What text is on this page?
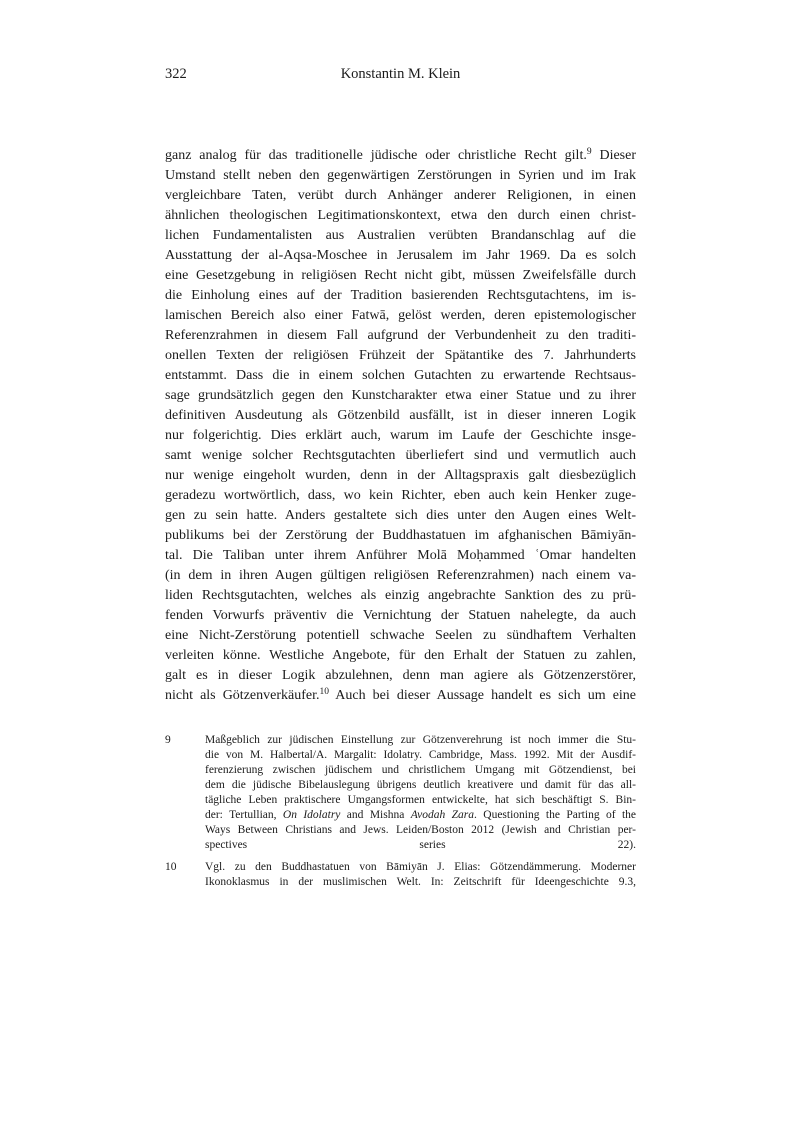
322	Konstantin M. Klein
ganz analog für das traditionelle jüdische oder christliche Recht gilt.$^9$ Dieser
Umstand stellt neben den gegenwärtigen Zerstörungen in Syrien und im Irak
vergleichbare Taten, verübt durch Anhänger anderer Religionen, in einen
ähnlichen theologischen Legitimationskontext, etwa den durch einen christ-
lichen Fundamentalisten aus Australien verübten Brandanschlag auf die
Ausstattung der al-Aqsa-Moschee in Jerusalem im Jahr 1969. Da es solch
eine Gesetzgebung in religiösen Recht nicht gibt, müssen Zweifelsfälle durch
die Einholung eines auf der Tradition basierenden Rechtsgutachtens, im is-
lamischen Bereich also einer Fatwā, gelöst werden, deren epistemologischer
Referenzrahmen in diesem Fall aufgrund der Verbundenheit zu den traditi-
onellen Texten der religiösen Frühzeit der Spätantike des 7. Jahrhunderts
entstammt. Dass die in einem solchen Gutachten zu erwartende Rechtsaus-
sage grundsätzlich gegen den Kunstcharakter etwa einer Statue und zu ihrer
definitiven Ausdeutung als Götzenbild ausfällt, ist in dieser inneren Logik
nur folgerichtig. Dies erklärt auch, warum im Laufe der Geschichte insge-
samt wenige solcher Rechtsgutachten überliefert sind und vermutlich auch
nur wenige eingeholt wurden, denn in der Alltagspraxis galt diesbezüglich
geradezu wortwörtlich, dass, wo kein Richter, eben auch kein Henker zuge-
gen zu sein hatte. Anders gestaltete sich dies unter den Augen eines Welt-
publikums bei der Zerstörung der Buddhastatuen im afghanischen Bāmiyān-
tal. Die Taliban unter ihrem Anführer Molā Moḥammed ʿOmar handelten
(in dem in ihren Augen gültigen religiösen Referenzrahmen) nach einem va-
liden Rechtsgutachten, welches als einzig angebrachte Sanktion des zu prü-
fenden Vorwurfs präventiv die Vernichtung der Statuen nahelegte, da auch
eine Nicht-Zerstörung potentiell schwache Seelen zu sündhaftem Verhalten
verleiten könne. Westliche Angebote, für den Erhalt der Statuen zu zahlen,
galt es in dieser Logik abzulehnen, denn man agiere als Götzenzerstörer,
nicht als Götzenverkäufer.$^{10}$ Auch bei dieser Aussage handelt es sich um eine
9	Maßgeblich zur jüdischen Einstellung zur Götzenverehrung ist noch immer die Stu-
die von M. Halbertal/A. Margalit: Idolatry. Cambridge, Mass. 1992. Mit der Ausdif-
ferenzierung zwischen jüdischem und christlichem Umgang mit Götzendienst, bei
dem die jüdische Bibelauslegung übrigens deutlich kreativere und damit für das all-
tägliche Leben praktischere Umgangsformen entwickelte, hat sich beschäftigt S. Bin-
der: Tertullian, On Idolatry and Mishna Avodah Zara. Questioning the Parting of the
Ways Between Christians and Jews. Leiden/Boston 2012 (Jewish and Christian per-
spectives series 22).
10	Vgl. zu den Buddhastatuen von Bāmiyān J. Elias: Götzendämmerung. Moderner
Ikonoklasmus in der muslimischen Welt. In: Zeitschrift für Ideengeschichte 9.3,
